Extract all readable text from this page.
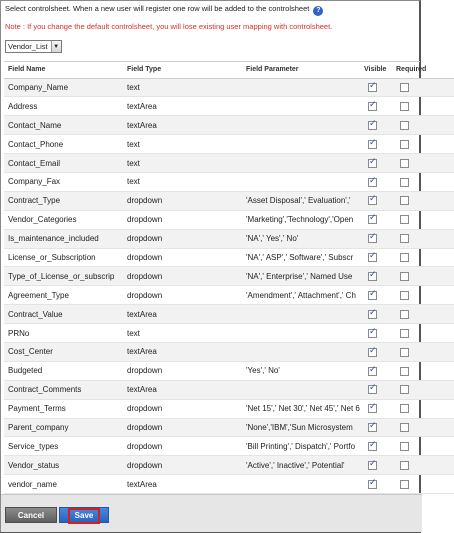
Select controlsheet. When a new user will register one row will be added to the controlsheet ?
Note : If you change the default controlsheet, you will lose existing user mapping with controlsheet.
Vendor_List ▼
Field Name	Field Type	Field Parameter	Visible	Required
Company_Name	text		✓	
Address	textArea		✓	
Contact_Name	textArea		✓	
Contact_Phone	text		✓	
Contact_Email	text		✓	
Company_Fax	text		✓	
Contract_Type	dropdown	'Asset Disposal',' Evaluation','	✓	
Vendor_Categories	dropdown	'Marketing','Technology','Open	✓	
Is_maintenance_included	dropdown	'NA',' Yes',' No'	✓	
License_or_Subscription	dropdown	'NA',' ASP',' Software',' Subscr	✓	
Type_of_License_or_subscrip	dropdown	'NA',' Enterprise',' Named Use	✓	
Agreement_Type	dropdown	'Amendment',' Attachment',' Ch	✓	
Contract_Value	textArea		✓	
PRNo	text		✓	
Cost_Center	textArea		✓	
Budgeted	dropdown	'Yes',' No'	✓	
Contract_Comments	textArea		✓	
Payment_Terms	dropdown	'Net 15',' Net 30',' Net 45',' Net 6	✓	
Parent_company	dropdown	'None','IBM','Sun Microsystem	✓	
Service_types	dropdown	'Bill Printing',' Dispatch',' Portfo	✓	
Vendor_status	dropdown	'Active',' Inactive',' Potential'	✓	
vendor_name	textArea		✓	
Cancel	Save
